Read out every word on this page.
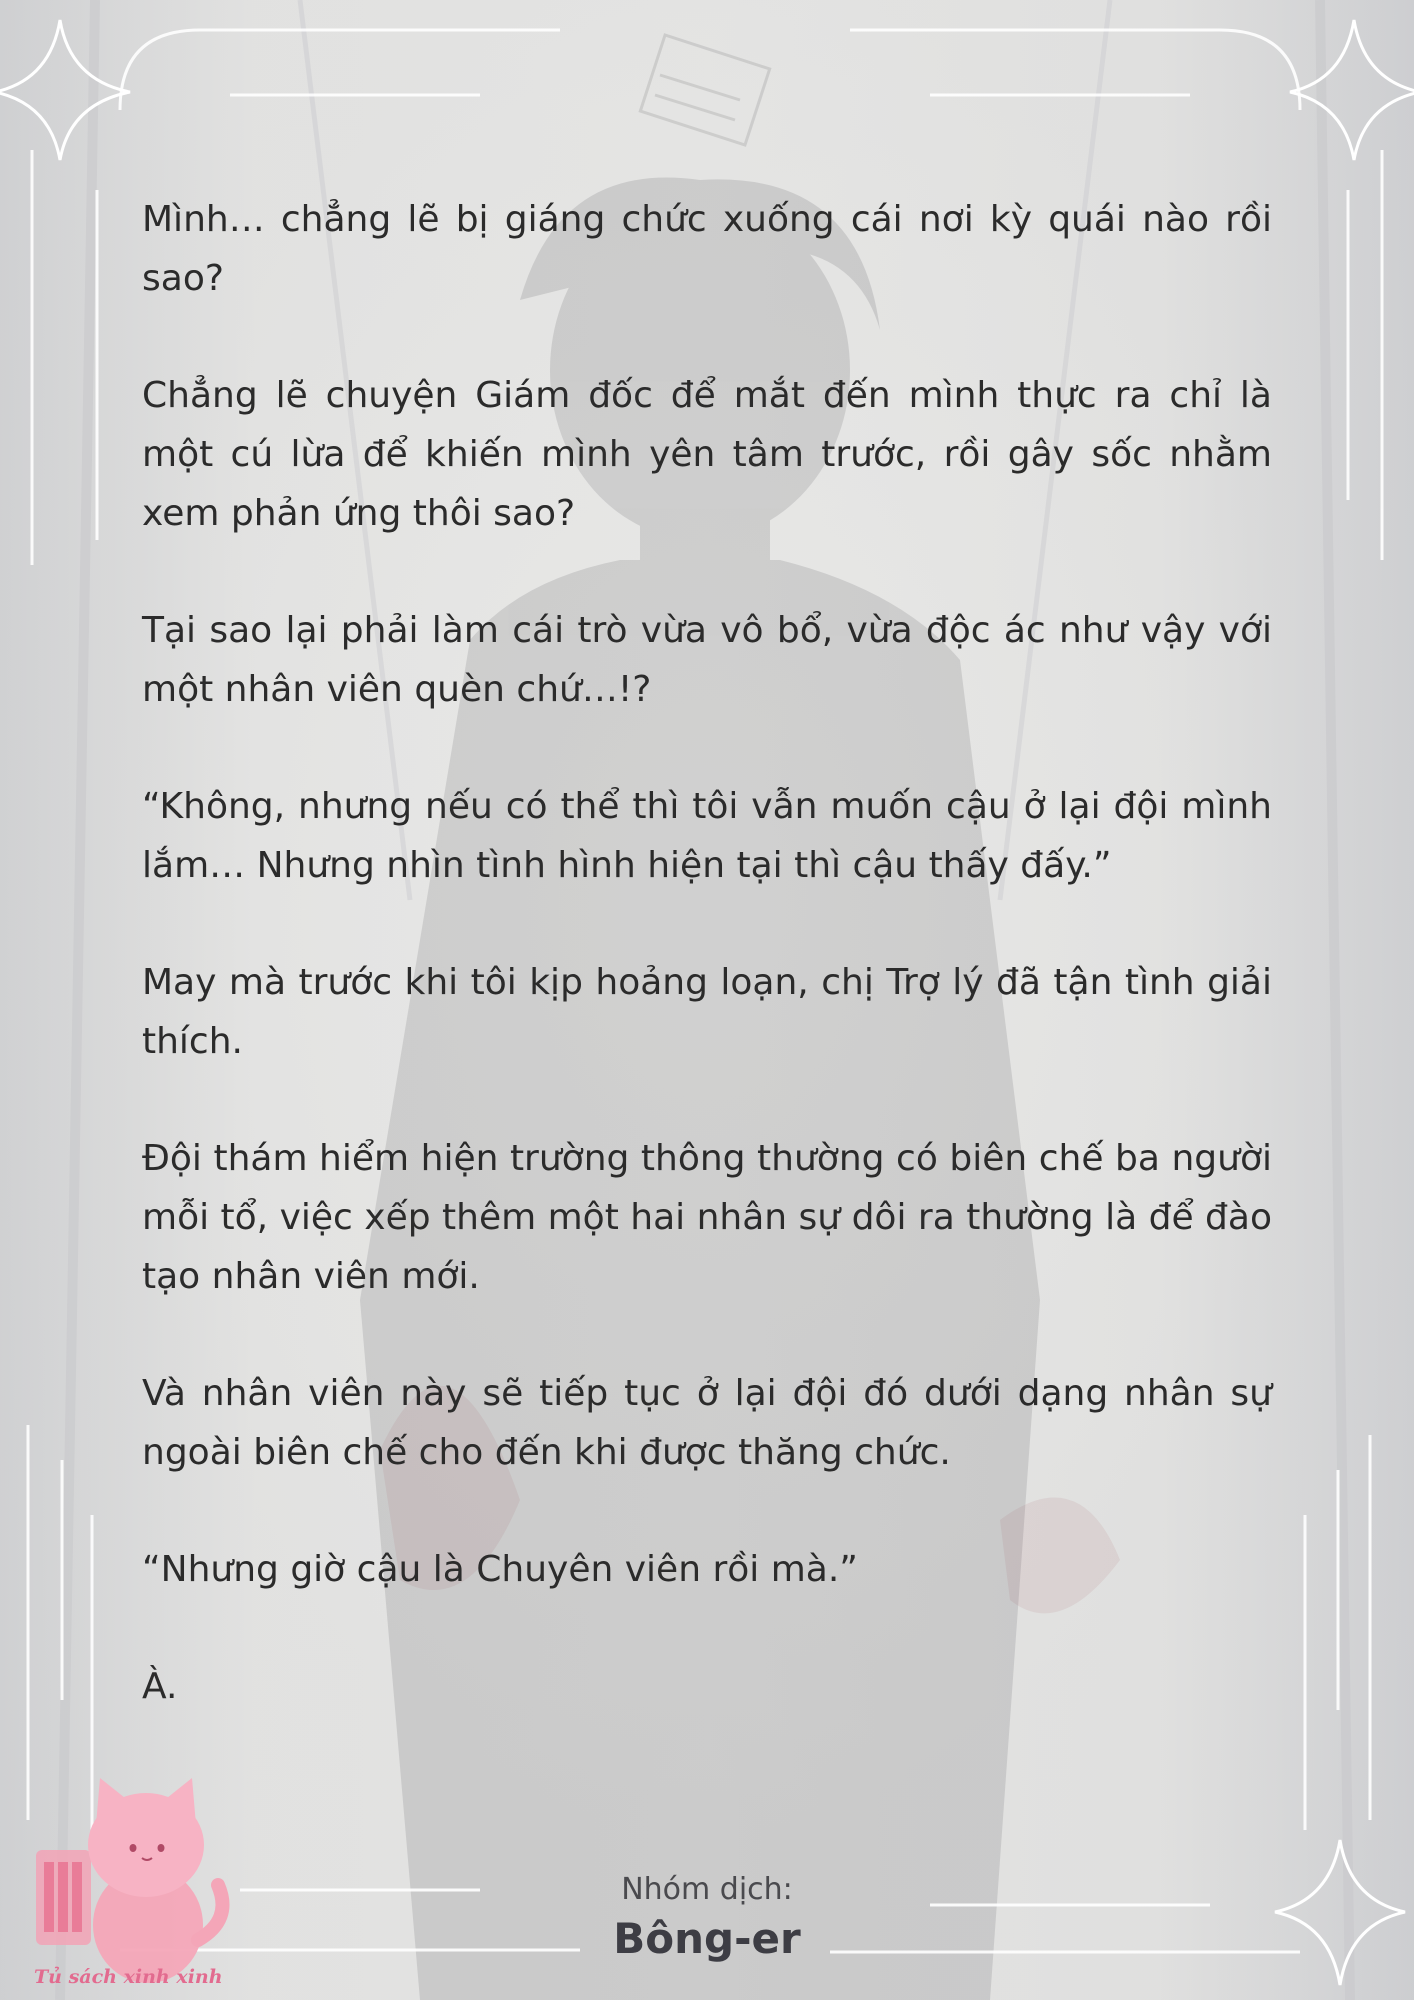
Mình… chẳng lẽ bị giáng chức xuống cái nơi kỳ quái nào rồi sao?

Chẳng lẽ chuyện Giám đốc để mắt đến mình thực ra chỉ là một cú lừa để khiến mình yên tâm trước, rồi gây sốc nhằm xem phản ứng thôi sao?

Tại sao lại phải làm cái trò vừa vô bổ, vừa độc ác như vậy với một nhân viên quèn chứ…!?

“Không, nhưng nếu có thể thì tôi vẫn muốn cậu ở lại đội mình lắm… Nhưng nhìn tình hình hiện tại thì cậu thấy đấy.”

May mà trước khi tôi kịp hoảng loạn, chị Trợ lý đã tận tình giải thích.

Đội thám hiểm hiện trường thông thường có biên chế ba người mỗi tổ, việc xếp thêm một hai nhân sự dôi ra thường là để đào tạo nhân viên mới.

Và nhân viên này sẽ tiếp tục ở lại đội đó dưới dạng nhân sự ngoài biên chế cho đến khi được thăng chức.

“Nhưng giờ cậu là Chuyên viên rồi mà.”

À.

Nhóm dịch:
Bông-er
Tủ sách xinh xinh
